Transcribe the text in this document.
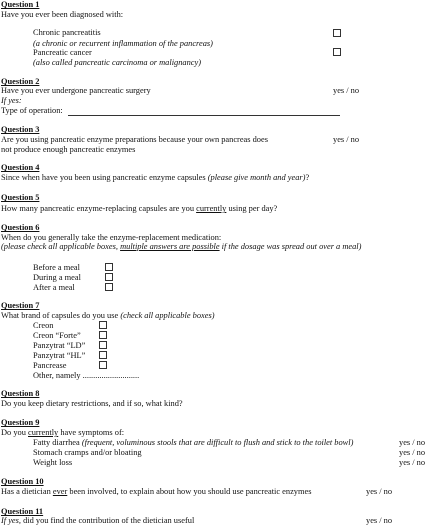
Question 1
Have you ever been diagnosed with:
Chronic pancreatitis
(a chronic or recurrent inflammation of the pancreas)
Pancreatic cancer
(also called pancreatic carcinoma or malignancy)
Question 2
Have you ever undergone pancreatic surgery	yes / no
If yes:
Type of operation:
Question 3
Are you using pancreatic enzyme preparations because your own pancreas does	yes / no
not produce enough pancreatic enzymes
Question 4
Since when have you been using pancreatic enzyme capsules (please give month and year)?
Question 5
How many pancreatic enzyme-replacing capsules are you currently using per day?
Question 6
When do you generally take the enzyme-replacement medication:
(please check all applicable boxes, multiple answers are possible if the dosage was spread out over a meal)
Before a meal
During a meal
After a meal
Question 7
What brand of capsules do you use (check all applicable boxes)
Creon
Creon “Forte”
Panzytrat “LD”
Panzytrat “HL”
Pancrease
Other, namely ...........................
Question 8
Do you keep dietary restrictions, and if so, what kind?
Question 9
Do you currently have symptoms of:
Fatty diarrhea (frequent, voluminous stools that are difficult to flush and stick to the toilet bowl)	yes / no
Stomach cramps and/or bloating	yes / no
Weight loss	yes / no
Question 10
Has a dietician ever been involved, to explain about how you should use pancreatic enzymes	yes / no
Question 11
If yes, did you find the contribution of the dietician useful	yes / no
